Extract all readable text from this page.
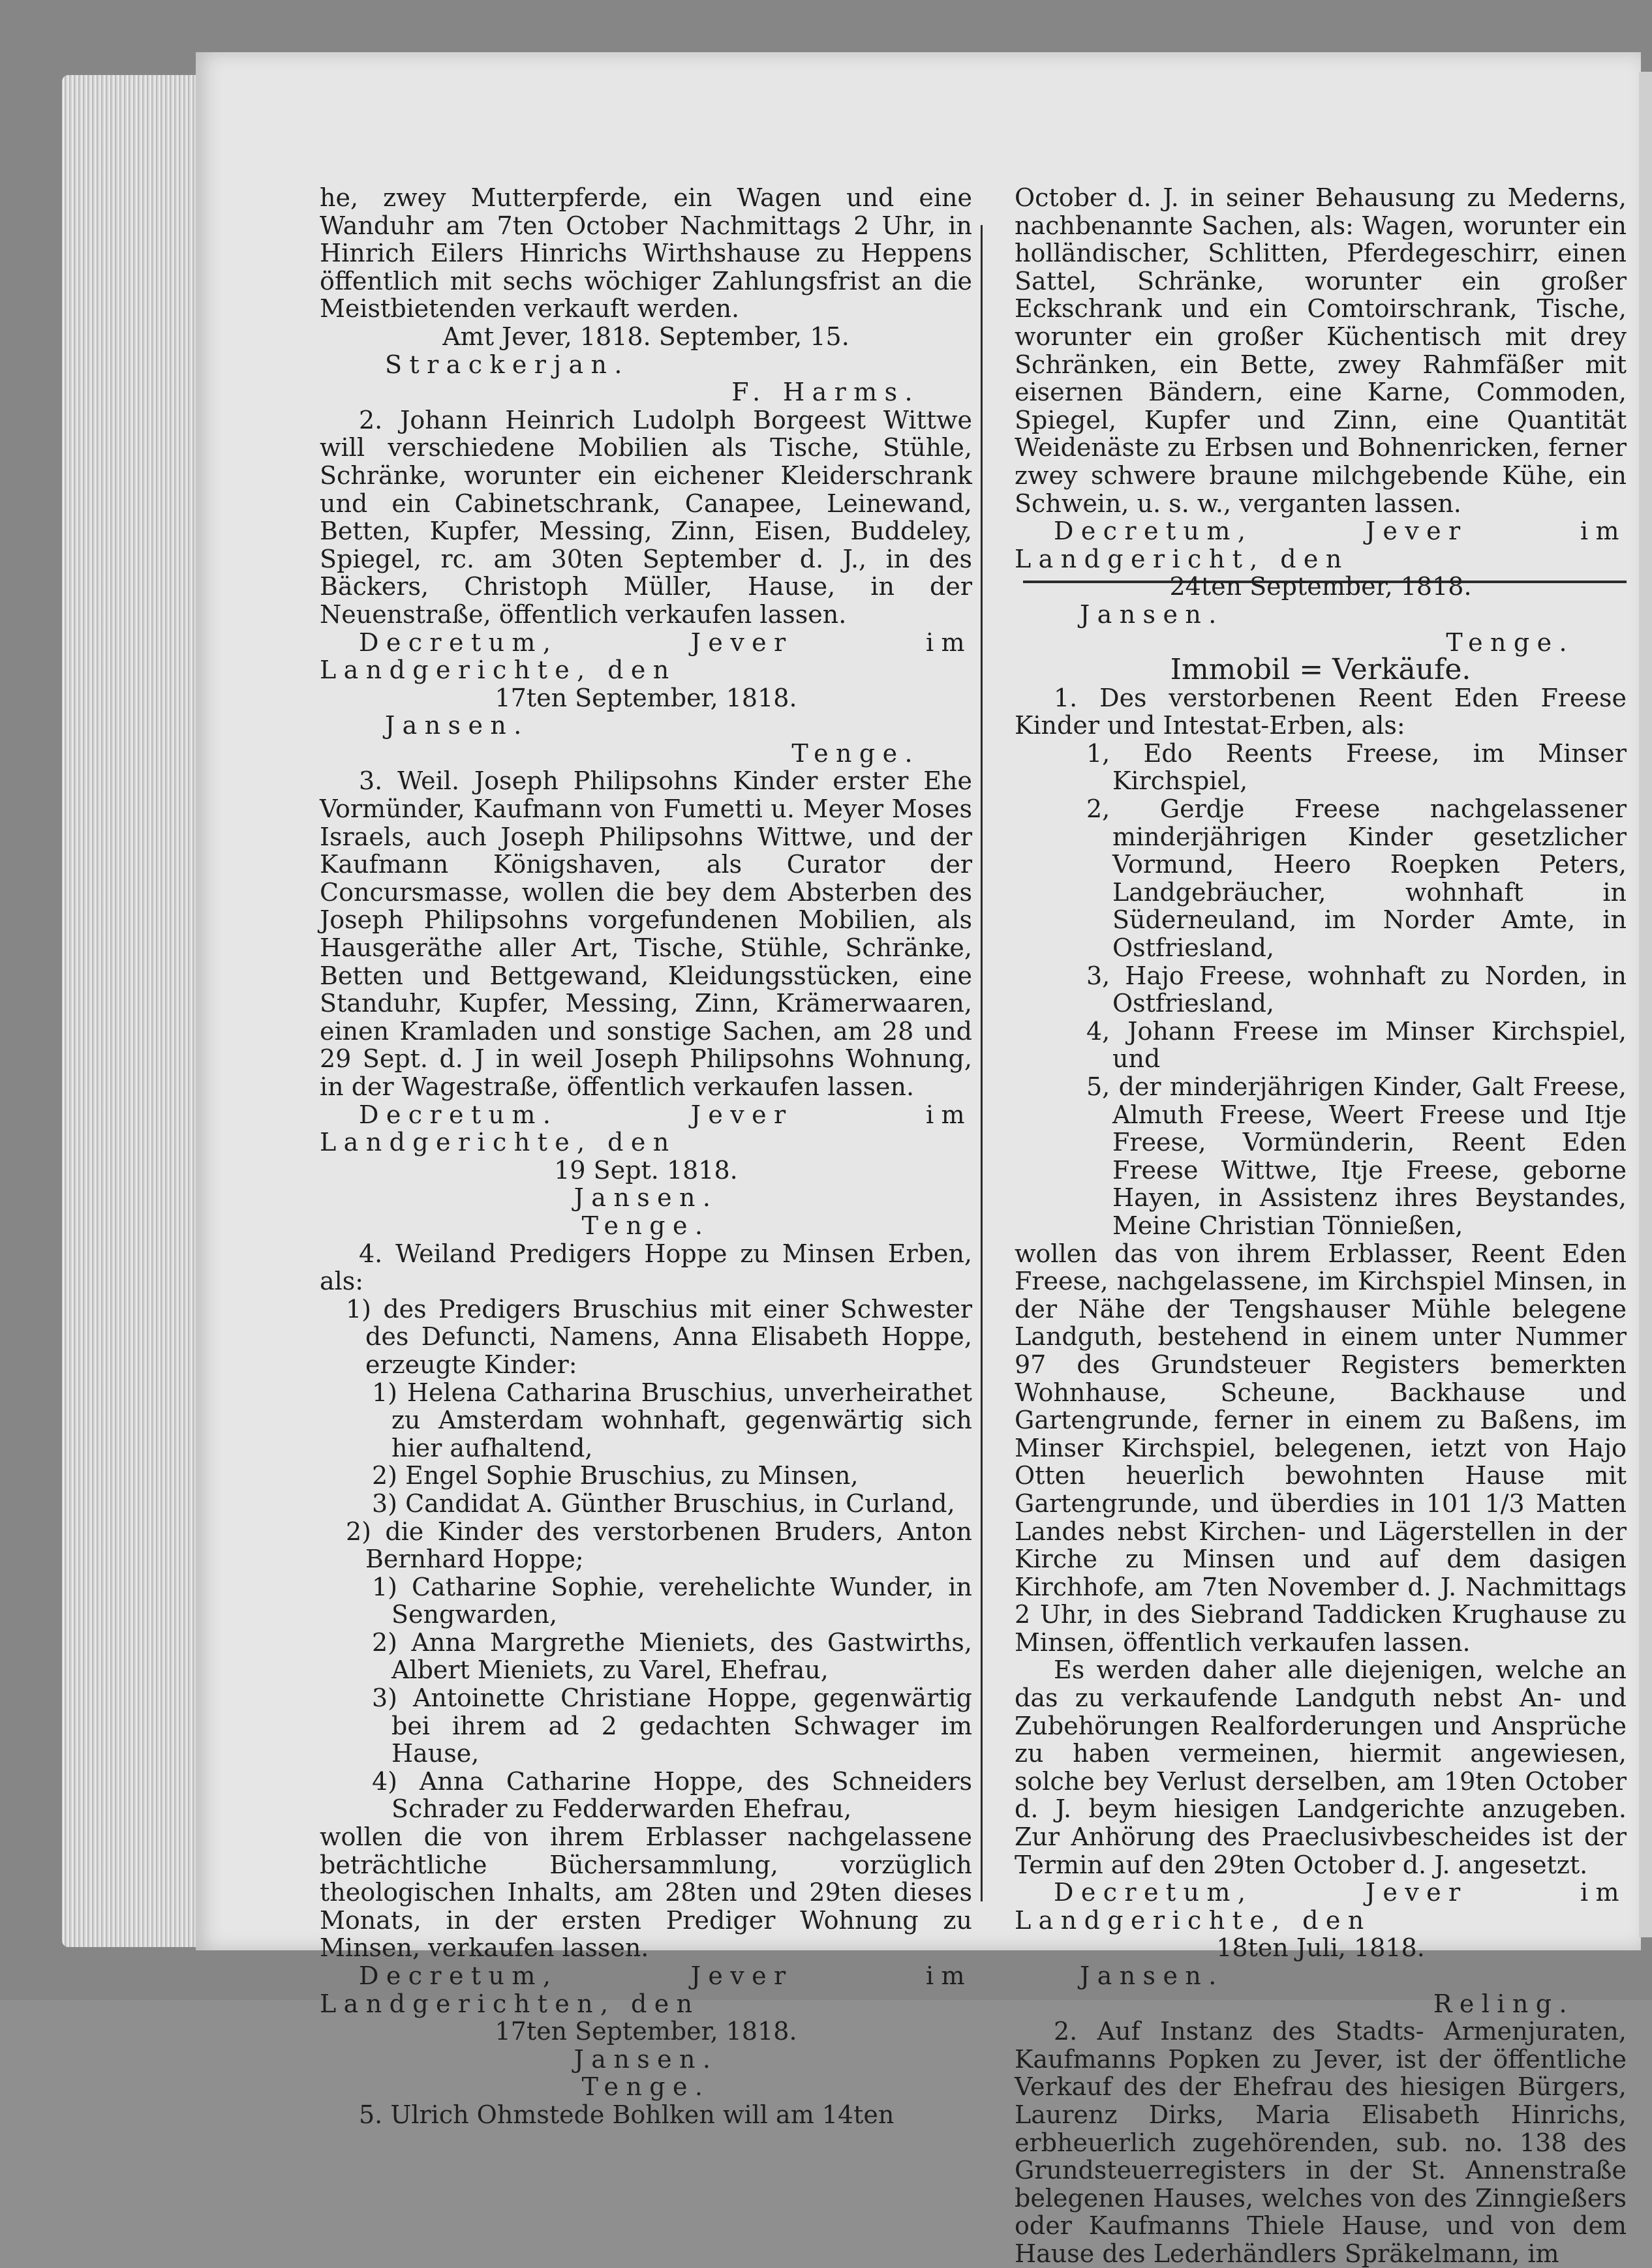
he, zwey Mutterpferde, ein Wagen und eine Wanduhr am 7ten October Nachmittags 2 Uhr, in Hinrich Eilers Hinrichs Wirthshause zu Heppens öffentlich mit sechs wöchiger Zahlungsfrist an die Meistbietenden verkauft werden.

Amt Jever, 1818. September, 15.

Strackerjan.

F. Harms.

2. Johann Heinrich Ludolph Borgeest Wittwe will verschiedene Mobilien als Tische, Stühle, Schränke, worunter ein eichener Kleiderschrank und ein Cabinetschrank, Canapee, Leinewand, Betten, Kupfer, Messing, Zinn, Eisen, Buddeley, Spiegel, rc. am 30ten September d. J., in des Bäckers, Christoph Müller, Hause, in der Neuenstraße, öffentlich verkaufen lassen.

Decretum, Jever im Landgerichte, den

17ten September, 1818.

Jansen.

Tenge.

3. Weil. Joseph Philipsohns Kinder erster Ehe Vormünder, Kaufmann von Fumetti u. Meyer Moses Israels, auch Joseph Philipsohns Wittwe, und der Kaufmann Königshaven, als Curator der Concursmasse, wollen die bey dem Absterben des Joseph Philipsohns vorgefundenen Mobilien, als Hausgeräthe aller Art, Tische, Stühle, Schränke, Betten und Bettgewand, Kleidungsstücken, eine Standuhr, Kupfer, Messing, Zinn, Krämerwaaren, einen Kramladen und sonstige Sachen, am 28 und 29 Sept. d. J in weil Joseph Philipsohns Wohnung, in der Wagestraße, öffentlich verkaufen lassen.

Decretum. Jever im Landgerichte, den

19 Sept. 1818.

Jansen.

Tenge.

4. Weiland Predigers Hoppe zu Minsen Erben, als:

1) des Predigers Bruschius mit einer Schwester des Defuncti, Namens, Anna Elisabeth Hoppe, erzeugte Kinder:

1) Helena Catharina Bruschius, unverheirathet zu Amsterdam wohnhaft, gegenwärtig sich hier aufhaltend,

2) Engel Sophie Bruschius, zu Minsen,

3) Candidat A. Günther Bruschius, in Curland,

2) die Kinder des verstorbenen Bruders, Anton Bernhard Hoppe;

1) Catharine Sophie, verehelichte Wunder, in Sengwarden,

2) Anna Margrethe Mieniets, des Gastwirths, Albert Mieniets, zu Varel, Ehefrau,

3) Antoinette Christiane Hoppe, gegenwärtig bei ihrem ad 2 gedachten Schwager im Hause,

4) Anna Catharine Hoppe, des Schneiders Schrader zu Fedderwarden Ehefrau,

wollen die von ihrem Erblasser nachgelassene beträchtliche Büchersammlung, vorzüglich theologischen Inhalts, am 28ten und 29ten dieses Monats, in der ersten Prediger Wohnung zu Minsen, verkaufen lassen.

Decretum, Jever im Landgerichten, den

17ten September, 1818.

Jansen.

Tenge.

5. Ulrich Ohmstede Bohlken will am 14ten

October d. J. in seiner Behausung zu Mederns, nachbenannte Sachen, als: Wagen, worunter ein holländischer, Schlitten, Pferdegeschirr, einen Sattel, Schränke, worunter ein großer Eckschrank und ein Comtoirschrank, Tische, worunter ein großer Küchentisch mit drey Schränken, ein Bette, zwey Rahmfäßer mit eisernen Bändern, eine Karne, Commoden, Spiegel, Kupfer und Zinn, eine Quantität Weidenäste zu Erbsen und Bohnenricken, ferner zwey schwere braune milchgebende Kühe, ein Schwein, u. s. w., verganten lassen.

Decretum, Jever im Landgericht, den

24ten September, 1818.

Jansen.

Tenge.

Immobil = Verkäufe.

1. Des verstorbenen Reent Eden Freese Kinder und Intestat-Erben, als:

1, Edo Reents Freese, im Minser Kirchspiel,

2, Gerdje Freese nachgelassener minderjährigen Kinder gesetzlicher Vormund, Heero Roepken Peters, Landgebräucher, wohnhaft in Süderneuland, im Norder Amte, in Ostfriesland,

3, Hajo Freese, wohnhaft zu Norden, in Ostfriesland,

4, Johann Freese im Minser Kirchspiel, und

5, der minderjährigen Kinder, Galt Freese, Almuth Freese, Weert Freese und Itje Freese, Vormünderin, Reent Eden Freese Wittwe, Itje Freese, geborne Hayen, in Assistenz ihres Beystandes, Meine Christian Tönnießen,

wollen das von ihrem Erblasser, Reent Eden Freese, nachgelassene, im Kirchspiel Minsen, in der Nähe der Tengshauser Mühle belegene Landguth, bestehend in einem unter Nummer 97 des Grundsteuer Registers bemerkten Wohnhause, Scheune, Backhause und Gartengrunde, ferner in einem zu Baßens, im Minser Kirchspiel, belegenen, ietzt von Hajo Otten heuerlich bewohnten Hause mit Gartengrunde, und überdies in 101 1/3 Matten Landes nebst Kirchen- und Lägerstellen in der Kirche zu Minsen und auf dem dasigen Kirchhofe, am 7ten November d. J. Nachmittags 2 Uhr, in des Siebrand Taddicken Krughause zu Minsen, öffentlich verkaufen lassen.

Es werden daher alle diejenigen, welche an das zu verkaufende Landguth nebst An- und Zubehörungen Realforderungen und Ansprüche zu haben vermeinen, hiermit angewiesen, solche bey Verlust derselben, am 19ten October d. J. beym hiesigen Landgerichte anzugeben. Zur Anhörung des Praeclusivbescheides ist der Termin auf den 29ten October d. J. angesetzt.

Decretum, Jever im Landgerichte, den

18ten Juli, 1818.

Jansen.

Reling.

2. Auf Instanz des Stadts- Armenjuraten, Kaufmanns Popken zu Jever, ist der öffentliche Verkauf des der Ehefrau des hiesigen Bürgers, Laurenz Dirks, Maria Elisabeth Hinrichs, erbheuerlich zugehörenden, sub. no. 138 des Grundsteuerregisters in der St. Annenstraße belegenen Hauses, welches von des Zinngießers oder Kaufmanns Thiele Hause, und von dem Hause des Lederhändlers Spräkelmann, im
